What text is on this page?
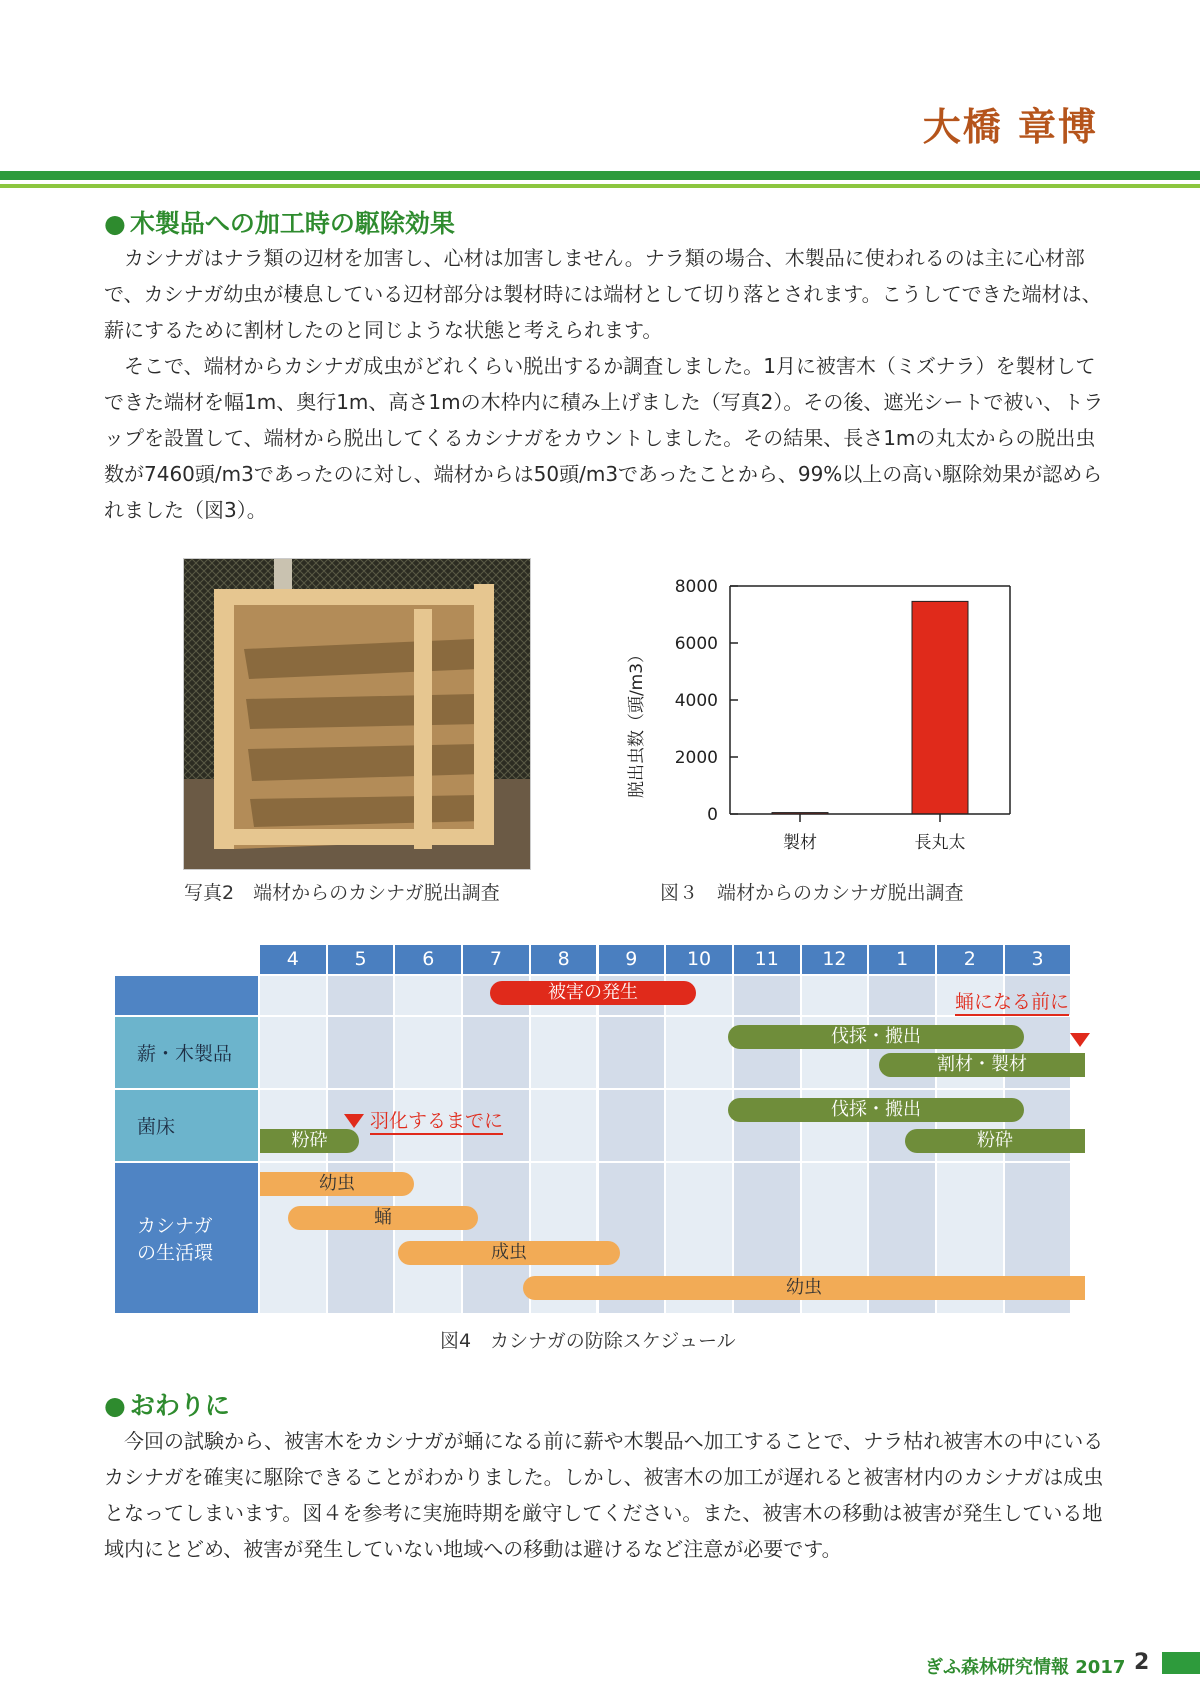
大橋 章博
● 木製品への加工時の駆除効果
カシナガはナラ類の辺材を加害し、心材は加害しません。ナラ類の場合、木製品に使われるのは主に心材部で、カシナガ幼虫が棲息している辺材部分は製材時には端材として切り落とされます。こうしてできた端材は、薪にするために割材したのと同じような状態と考えられます。
そこで、端材からカシナガ成虫がどれくらい脱出するか調査しました。1月に被害木（ミズナラ）を製材してできた端材を幅1m、奥行1m、高さ1mの木枠内に積み上げました（写真2）。その後、遮光シートで被い、トラップを設置して、端材から脱出してくるカシナガをカウントしました。その結果、長さ1mの丸太からの脱出虫数が7460頭/m3であったのに対し、端材からは50頭/m3であったことから、99%以上の高い駆除効果が認められました（図3）。
写真2　端材からのカシナガ脱出調査
脱出虫数（頭/m3）
0
2000
4000
6000
8000
製材	長丸太
図３　端材からのカシナガ脱出調査
薪・木製品
菌床
カシナガ
の生活環
4	5	6	7	8	9	10	11	12	1	2	3
被害の発生	蛹になる前に
伐採・搬出
割材・製材
伐採・搬出
羽化するまでに
粉砕	粉砕
幼虫
蛹
成虫
幼虫
図4　カシナガの防除スケジュール
● おわりに
今回の試験から、被害木をカシナガが蛹になる前に薪や木製品へ加工することで、ナラ枯れ被害木の中にいるカシナガを確実に駆除できることがわかりました。しかし、被害木の加工が遅れると被害材内のカシナガは成虫となってしまいます。図４を参考に実施時期を厳守してください。また、被害木の移動は被害が発生している地域内にとどめ、被害が発生していない地域への移動は避けるなど注意が必要です。
ぎふ森林研究情報 2017 2
